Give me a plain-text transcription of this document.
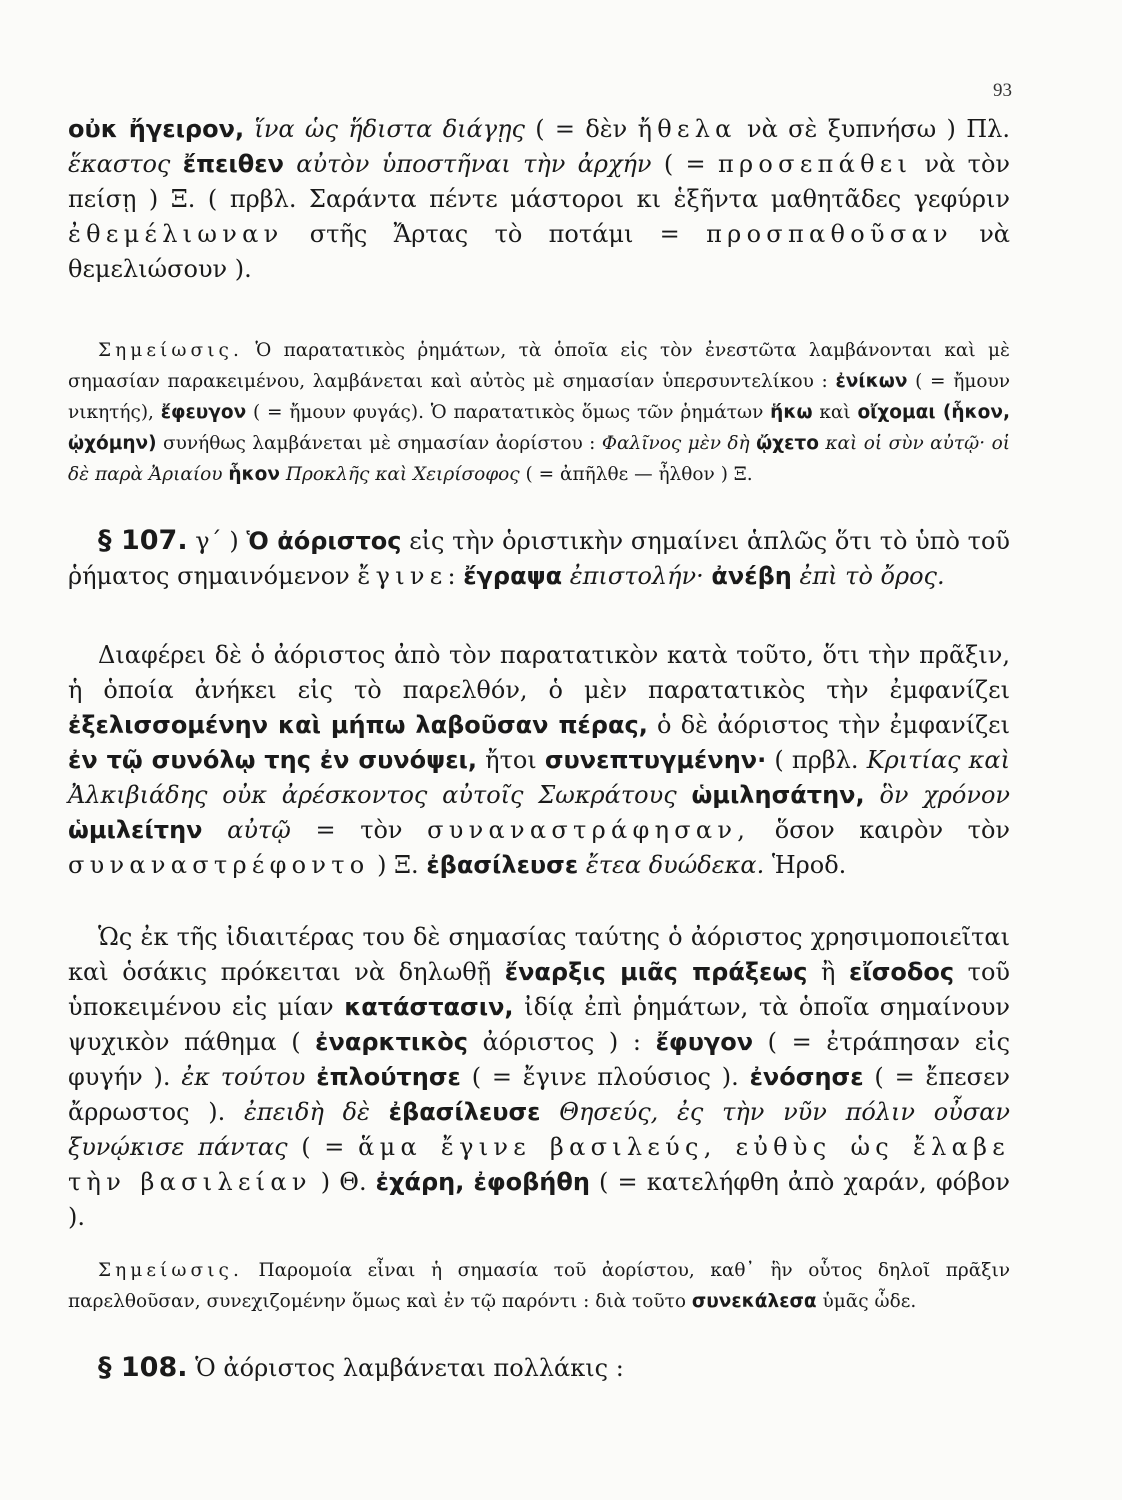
93

οὐκ ἤγειρον, ἵνα ὡς ἥδιστα διάγῃς ( = δὲν ἤθελα νὰ σὲ ξυπνήσω ) Πλ. ἕκαστος ἔπειθεν αὐτὸν ὑποστῆναι τὴν ἀρχήν ( = προσεπάθει νὰ τὸν πείσῃ ) Ξ. ( πρβλ. Σαράντα πέντε μάστοροι κι ἑξῆντα μαθητᾶδες γεφύριν ἐθεμέλιωναν στῆς Ἄρτας τὸ ποτάμι = προσπαθοῦσαν νὰ θεμελιώσουν ).

Σημείωσις. Ὁ παρατατικὸς ῥημάτων, τὰ ὁποῖα εἰς τὸν ἐνεστῶτα λαμβάνονται καὶ μὲ σημασίαν παρακειμένου, λαμβάνεται καὶ αὐτὸς μὲ σημασίαν ὑπερσυντελίκου : ἐνίκων ( = ἤμουν νικητής), ἔφευγον ( = ἤμουν φυγάς). Ὁ παρατατικὸς ὅμως τῶν ῥημάτων ἥκω καὶ οἴχομαι (ἧκον, ᾠχόμην) συνήθως λαμβάνεται μὲ σημασίαν ἀορίστου : Φαλῖνος μὲν δὴ ᾤχετο καὶ οἱ σὺν αὐτῷ· οἱ δὲ παρὰ Ἀριαίου ἧκον Προκλῆς καὶ Χειρίσοφος ( = ἀπῆλθε — ἦλθον ) Ξ.

§ 107. γ΄ ) Ὁ ἀόριστος εἰς τὴν ὁριστικὴν σημαίνει ἁπλῶς ὅτι τὸ ὑπὸ τοῦ ῥήματος σημαινόμενον ἔγινε: ἔγραψα ἐπιστολήν· ἀνέβη ἐπὶ τὸ ὄρος.

Διαφέρει δὲ ὁ ἀόριστος ἀπὸ τὸν παρατατικὸν κατὰ τοῦτο, ὅτι τὴν πρᾶξιν, ἡ ὁποία ἀνήκει εἰς τὸ παρελθόν, ὁ μὲν παρατατικὸς τὴν ἐμφανίζει ἐξελισσομένην καὶ μήπω λαβοῦσαν πέρας, ὁ δὲ ἀόριστος τὴν ἐμφανίζει ἐν τῷ συνόλῳ της ἐν συνόψει, ἤτοι συνεπτυγμένην· ( πρβλ. Κριτίας καὶ Ἀλκιβιάδης οὐκ ἀρέσκοντος αὐτοῖς Σωκράτους ὡμιλησάτην, ὃν χρόνον ὡμιλείτην αὐτῷ = τὸν συναναστράφησαν, ὅσον καιρὸν τὸν συναναστρέφοντο ) Ξ. ἐβασίλευσε ἔτεα δυώδεκα. Ἡροδ.

Ὡς ἐκ τῆς ἰδιαιτέρας του δὲ σημασίας ταύτης ὁ ἀόριστος χρησιμοποιεῖται καὶ ὁσάκις πρόκειται νὰ δηλωθῇ ἔναρξις μιᾶς πράξεως ἢ εἴσοδος τοῦ ὑποκειμένου εἰς μίαν κατάστασιν, ἰδίᾳ ἐπὶ ῥημάτων, τὰ ὁποῖα σημαίνουν ψυχικὸν πάθημα ( ἐναρκτικὸς ἀόριστος ) : ἔφυγον ( = ἐτράπησαν εἰς φυγήν ). ἐκ τούτου ἐπλούτησε ( = ἔγινε πλούσιος ). ἐνόσησε ( = ἔπεσεν ἄρρωστος ). ἐπειδὴ δὲ ἐβασίλευσε Θησεύς, ἐς τὴν νῦν πόλιν οὖσαν ξυνῴκισε πάντας ( = ἅμα ἔγινε βασιλεύς, εὐθὺς ὡς ἔλαβε τὴν βασιλείαν ) Θ. ἐχάρη, ἐφοβήθη ( = κατελήφθη ἀπὸ χαράν, φόβον ).

Σημείωσις. Παρομοία εἶναι ἡ σημασία τοῦ ἀορίστου, καθ᾿ ἣν οὗτος δηλοῖ πρᾶξιν παρελθοῦσαν, συνεχιζομένην ὅμως καὶ ἐν τῷ παρόντι : διὰ τοῦτο συνεκάλεσα ὑμᾶς ὧδε.

§ 108. Ὁ ἀόριστος λαμβάνεται πολλάκις :
